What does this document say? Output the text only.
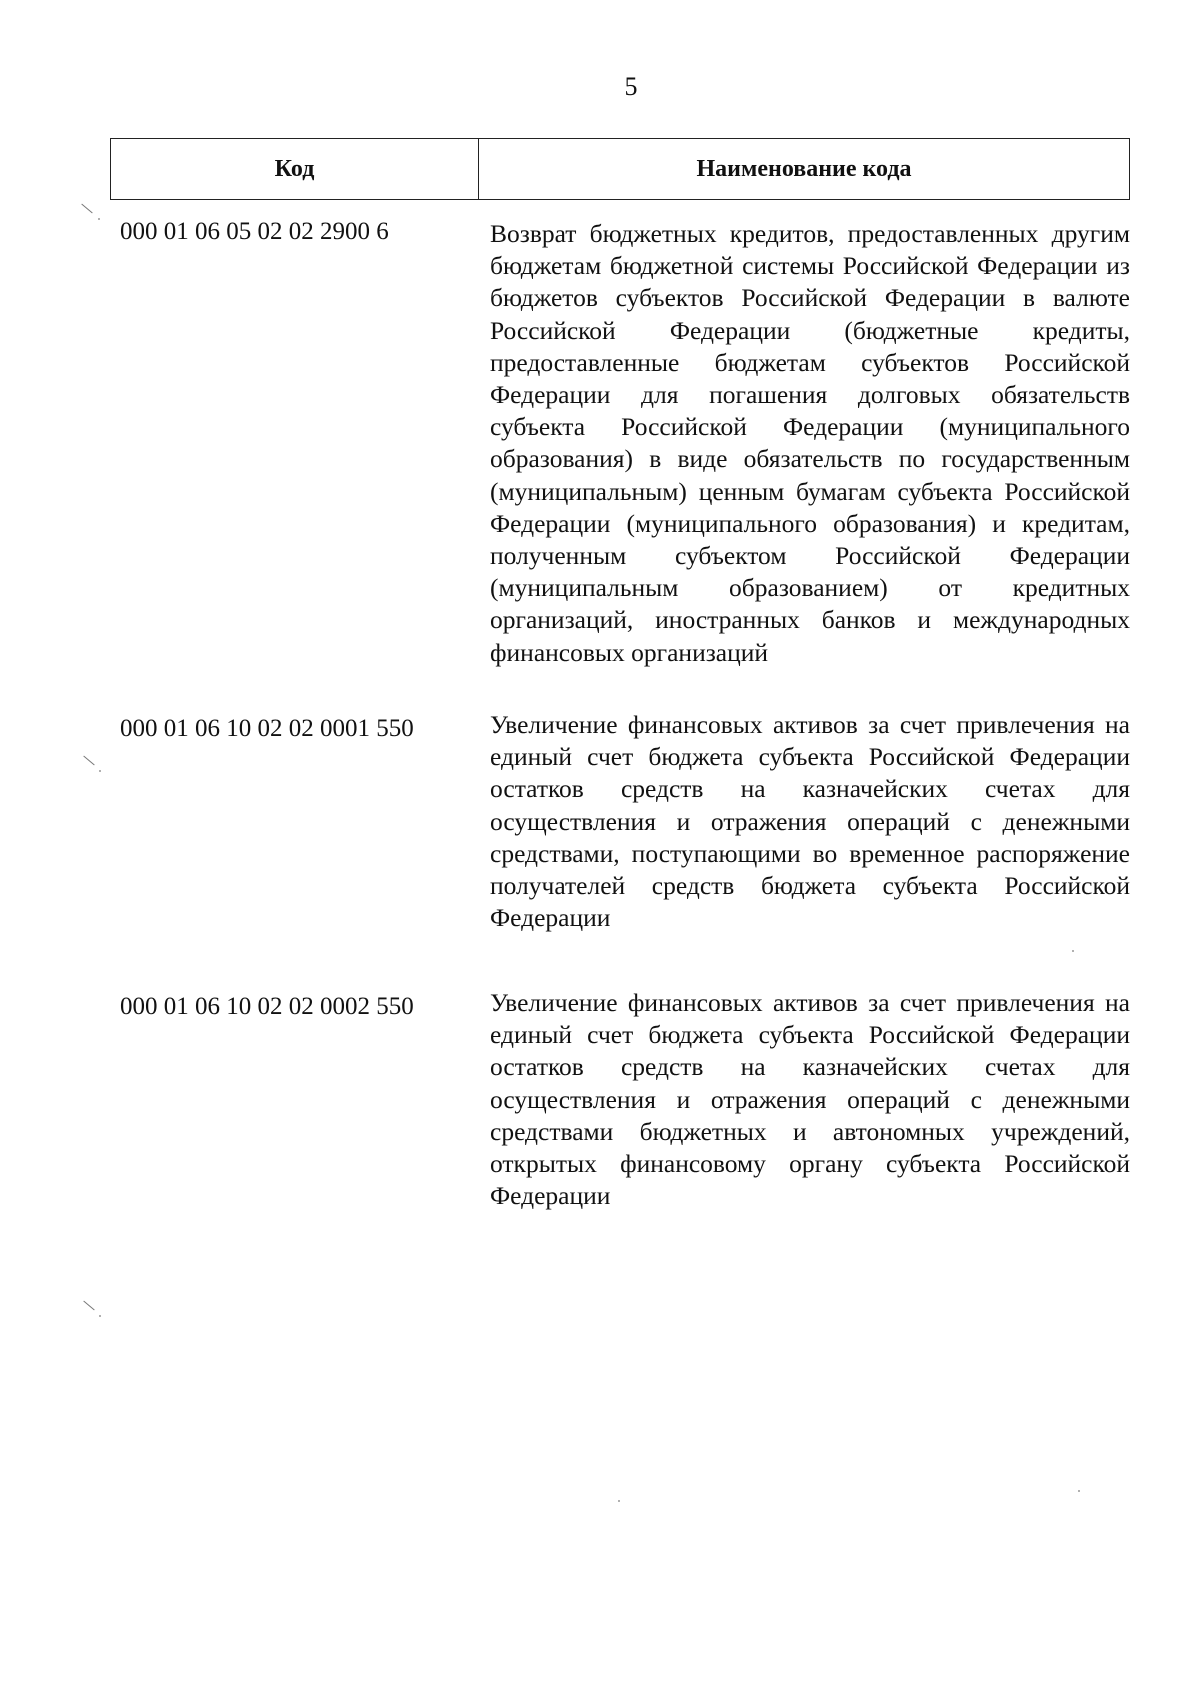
5
Код	Наименование кода
000 01 06 05 02 02 2900 6	Возврат бюджетных кредитов, предоставленных другим бюджетам бюджетной системы Российской Федерации из бюджетов субъектов Российской Федерации в валюте Российской Федерации (бюджетные кредиты, предоставленные бюджетам субъектов Российской Федерации для погашения долговых обязательств субъекта Российской Федерации (муниципального образования) в виде обязательств по государственным (муниципальным) ценным бумагам субъекта Российской Федерации (муниципального образования) и кредитам, полученным субъектом Российской Федерации (муниципальным образованием) от кредитных организаций, иностранных банков и международных финансовых организаций
000 01 06 10 02 02 0001 550	Увеличение финансовых активов за счет привлечения на единый счет бюджета субъекта Российской Федерации остатков средств на казначейских счетах для осуществления и отражения операций с денежными средствами, поступающими во временное распоряжение получателей средств бюджета субъекта Российской Федерации
000 01 06 10 02 02 0002 550	Увеличение финансовых активов за счет привлечения на единый счет бюджета субъекта Российской Федерации остатков средств на казначейских счетах для осуществления и отражения операций с денежными средствами бюджетных и автономных учреждений, открытых финансовому органу субъекта Российской Федерации
